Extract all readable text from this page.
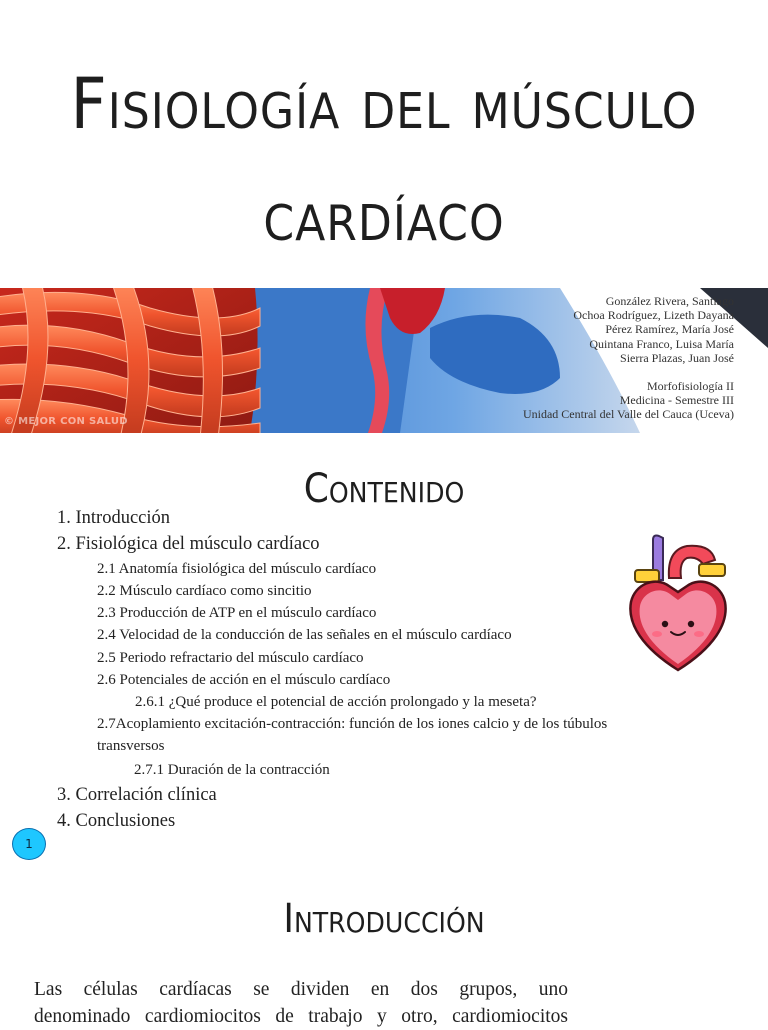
Fisiología del músculo
cardíaco
© MEJOR CON SALUD
González Rivera, Santiago
Ochoa Rodríguez, Lizeth Dayana
Pérez Ramírez, María José
Quintana Franco, Luisa María
Sierra Plazas, Juan José
Morfofisiología II
Medicina - Semestre III
Unidad Central del Valle del Cauca (Uceva)
Contenido
1. Introducción
2. Fisiológica del músculo cardíaco
2.1 Anatomía fisiológica del músculo cardíaco
2.2 Músculo cardíaco como sincitio
2.3 Producción de ATP en el músculo cardíaco
2.4 Velocidad de la conducción de las señales en el músculo cardíaco
2.5 Periodo refractario del músculo cardíaco
2.6 Potenciales de acción en el músculo cardíaco
2.6.1 ¿Qué produce el potencial de acción prolongado y la meseta?
2.7Acoplamiento excitación-contracción: función de los iones calcio y de los túbulos
transversos
2.7.1 Duración de la contracción
3. Correlación clínica
4. Conclusiones
1
Introducción
Las células cardíacas se dividen en dos grupos, uno
denominado cardiomiocitos de trabajo y otro, cardiomiocitos
